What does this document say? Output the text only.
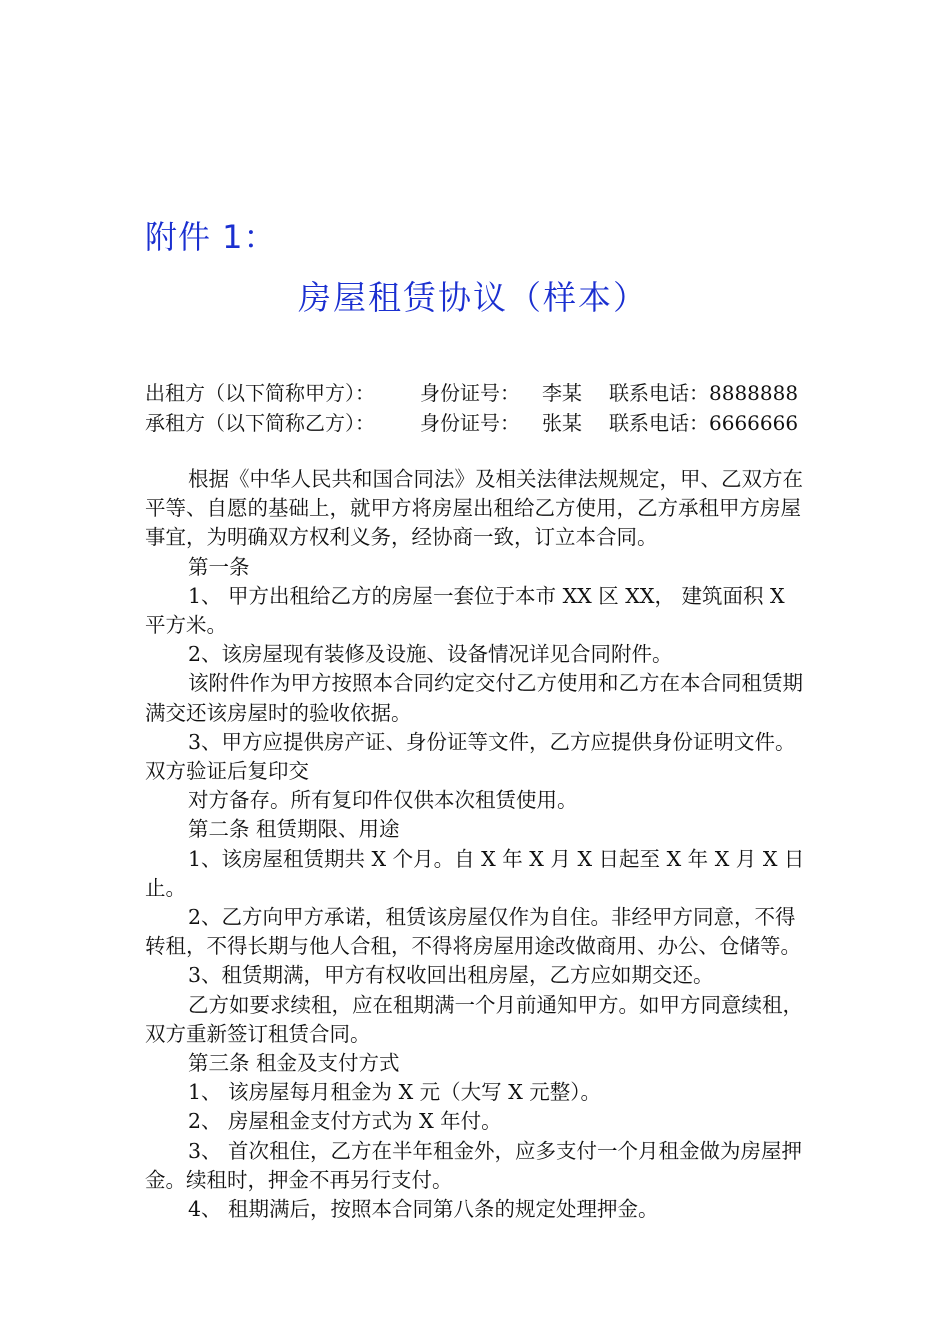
附件 1：
房屋租赁协议（样本）
出租方（以下简称甲方）： 身份证号： 李某 联系电话：8888888
承租方（以下简称乙方）： 身份证号： 张某 联系电话：6666666

根据《中华人民共和国合同法》及相关法律法规规定，甲、乙双方在平等、自愿的基础上，就甲方将房屋出租给乙方使用，乙方承租甲方房屋事宜，为明确双方权利义务，经协商一致，订立本合同。

第一条

1、 甲方出租给乙方的房屋一套位于本市 XX 区 XX， 建筑面积 X 平方米。

2、该房屋现有装修及设施、设备情况详见合同附件。

该附件作为甲方按照本合同约定交付乙方使用和乙方在本合同租赁期满交还该房屋时的验收依据。

3、甲方应提供房产证、身份证等文件，乙方应提供身份证明文件。

双方验证后复印交

对方备存。所有复印件仅供本次租赁使用。

第二条 租赁期限、用途

1、该房屋租赁期共 X 个月。自 X 年 X 月 X 日起至 X 年 X 月 X 日止。

2、乙方向甲方承诺，租赁该房屋仅作为自住。非经甲方同意，不得转租，不得长期与他人合租，不得将房屋用途改做商用、办公、仓储等。

3、租赁期满，甲方有权收回出租房屋，乙方应如期交还。

乙方如要求续租，应在租期满一个月前通知甲方。如甲方同意续租，双方重新签订租赁合同。

第三条 租金及支付方式

1、 该房屋每月租金为 X 元（大写 X 元整）。

2、 房屋租金支付方式为 X 年付。

3、 首次租住，乙方在半年租金外，应多支付一个月租金做为房屋押金。续租时，押金不再另行支付。

4、 租期满后，按照本合同第八条的规定处理押金。
